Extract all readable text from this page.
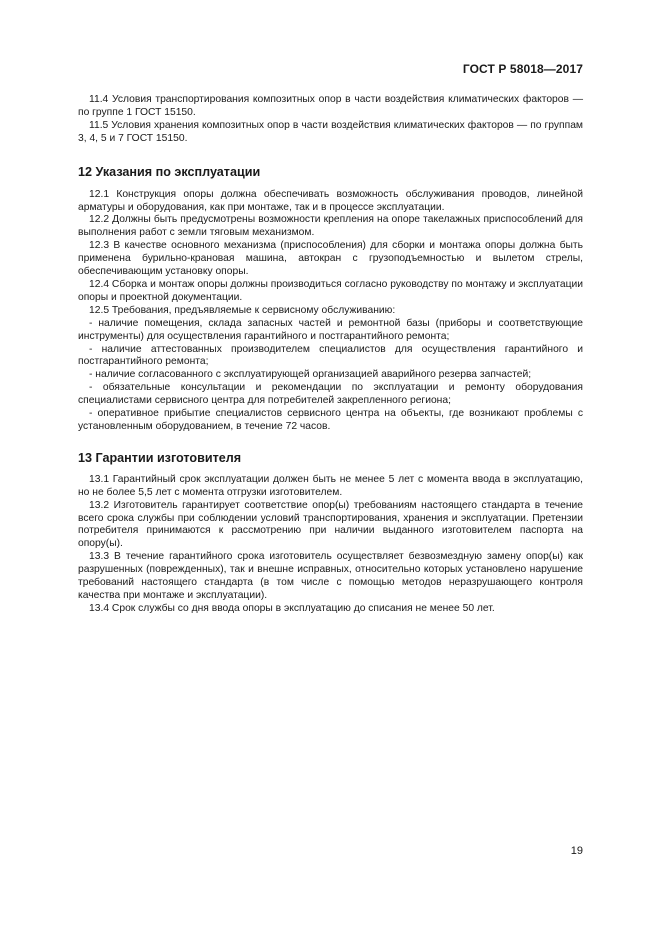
ГОСТ Р 58018—2017

11.4 Условия транспортирования композитных опор в части воздействия климатических факторов — по группе 1 ГОСТ 15150.

11.5 Условия хранения композитных опор в части воздействия климатических факторов — по группам 3, 4, 5 и 7 ГОСТ 15150.

12 Указания по эксплуатации

12.1 Конструкция опоры должна обеспечивать возможность обслуживания проводов, линейной арматуры и оборудования, как при монтаже, так и в процессе эксплуатации.

12.2 Должны быть предусмотрены возможности крепления на опоре такелажных приспособлений для выполнения работ с земли тяговым механизмом.

12.3 В качестве основного механизма (приспособления) для сборки и монтажа опоры должна быть применена бурильно-крановая машина, автокран с грузоподъемностью и вылетом стрелы, обеспечивающим установку опоры.

12.4 Сборка и монтаж опоры должны производиться согласно руководству по монтажу и эксплуатации опоры и проектной документации.

12.5 Требования, предъявляемые к сервисному обслуживанию:

- наличие помещения, склада запасных частей и ремонтной базы (приборы и соответствующие инструменты) для осуществления гарантийного и постгарантийного ремонта;

- наличие аттестованных производителем специалистов для осуществления гарантийного и постгарантийного ремонта;

- наличие согласованного с эксплуатирующей организацией аварийного резерва запчастей;

- обязательные консультации и рекомендации по эксплуатации и ремонту оборудования специалистами сервисного центра для потребителей закрепленного региона;

- оперативное прибытие специалистов сервисного центра на объекты, где возникают проблемы с установленным оборудованием, в течение 72 часов.

13 Гарантии изготовителя

13.1 Гарантийный срок эксплуатации должен быть не менее 5 лет с момента ввода в эксплуатацию, но не более 5,5 лет с момента отгрузки изготовителем.

13.2 Изготовитель гарантирует соответствие опор(ы) требованиям настоящего стандарта в течение всего срока службы при соблюдении условий транспортирования, хранения и эксплуатации. Претензии потребителя принимаются к рассмотрению при наличии выданного изготовителем паспорта на опору(ы).

13.3 В течение гарантийного срока изготовитель осуществляет безвозмездную замену опор(ы) как разрушенных (поврежденных), так и внешне исправных, относительно которых установлено нарушение требований настоящего стандарта (в том числе с помощью методов неразрушающего контроля качества при монтаже и эксплуатации).

13.4 Срок службы со дня ввода опоры в эксплуатацию до списания не менее 50 лет.

19
